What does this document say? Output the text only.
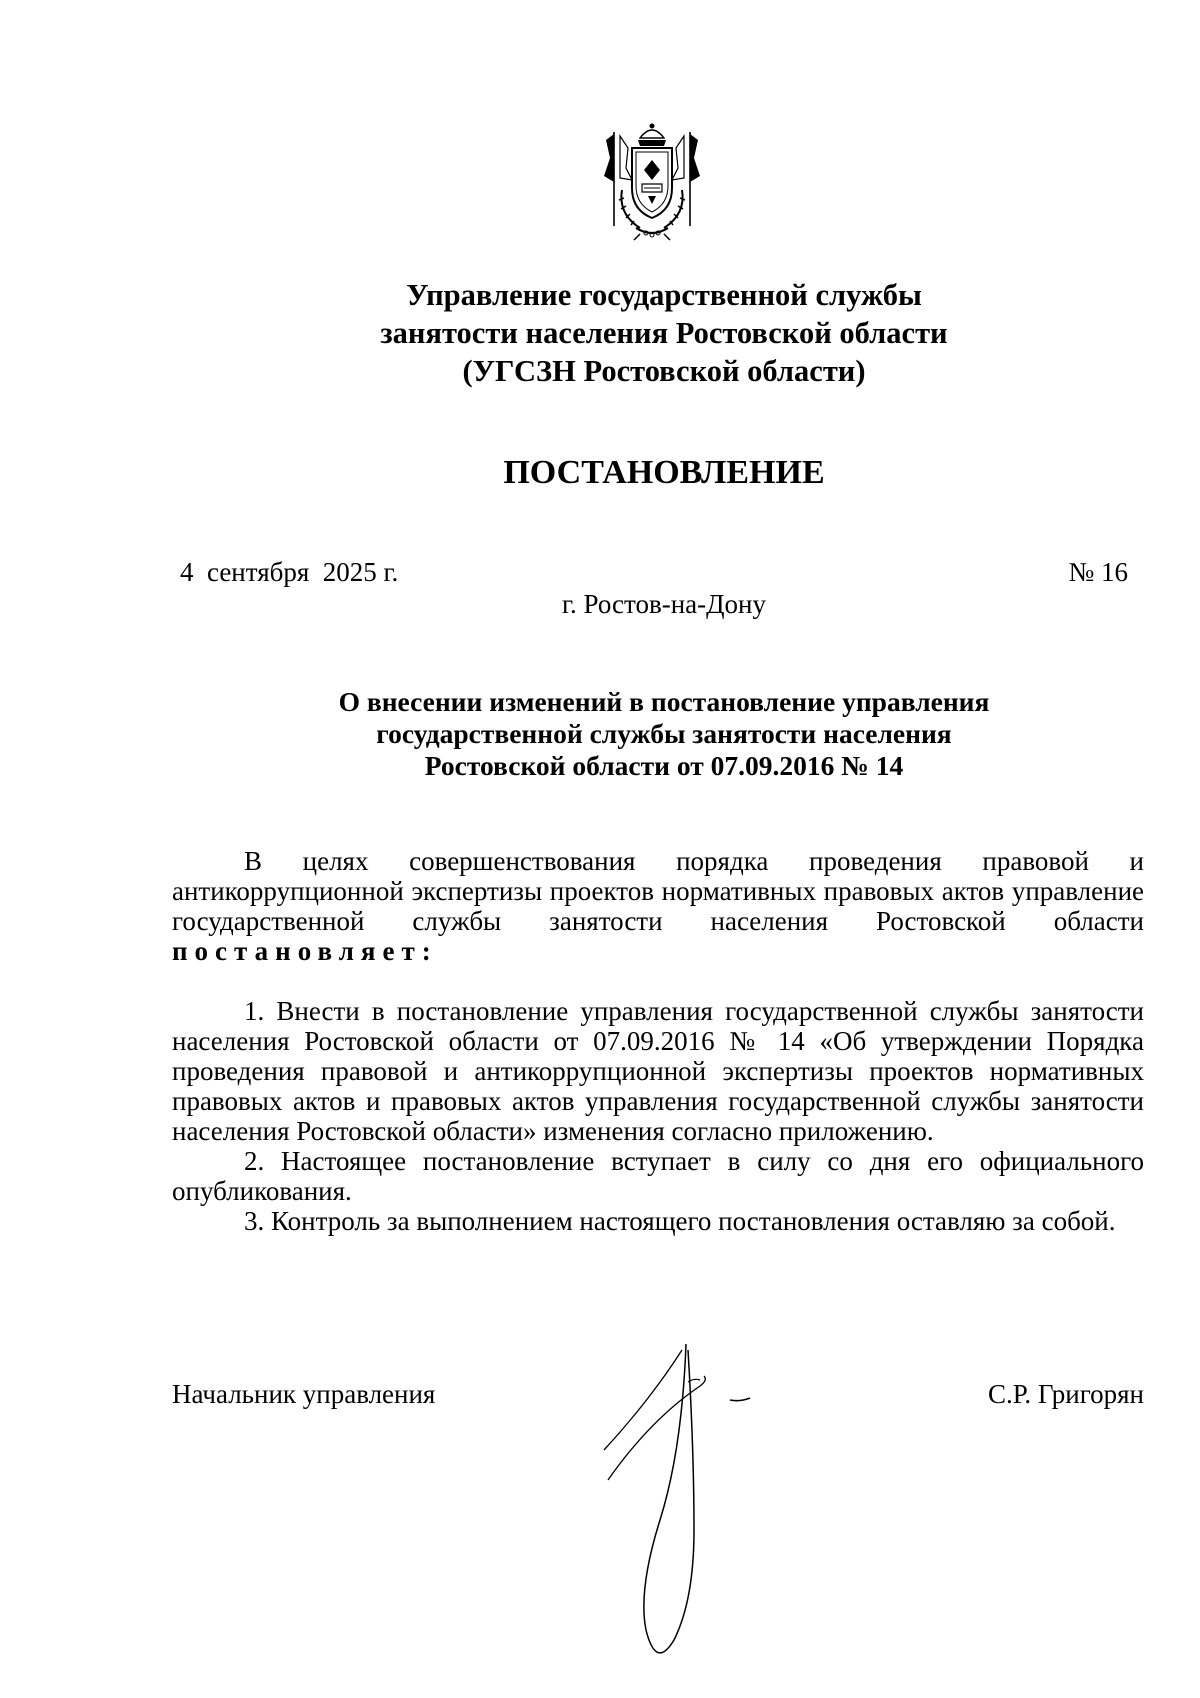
Управление государственной службы
занятости населения Ростовской области
(УГСЗН Ростовской области)
ПОСТАНОВЛЕНИЕ
4  сентября  2025 г.	№ 16
г. Ростов-на-Дону
О внесении изменений в постановление управления
государственной службы занятости населения
Ростовской области от 07.09.2016 № 14

В целях совершенствования порядка проведения правовой и антикоррупционной экспертизы проектов нормативных правовых актов управление государственной службы занятости населения Ростовской области постановляет:

1. Внести в постановление управления государственной службы занятости населения Ростовской области от 07.09.2016 № 14 «Об утверждении Порядка проведения правовой и антикоррупционной экспертизы проектов нормативных правовых актов и правовых актов управления государственной службы занятости населения Ростовской области» изменения согласно приложению.

2. Настоящее постановление вступает в силу со дня его официального опубликования.

3. Контроль за выполнением настоящего постановления оставляю за собой.

Начальник управления	С.Р. Григорян
